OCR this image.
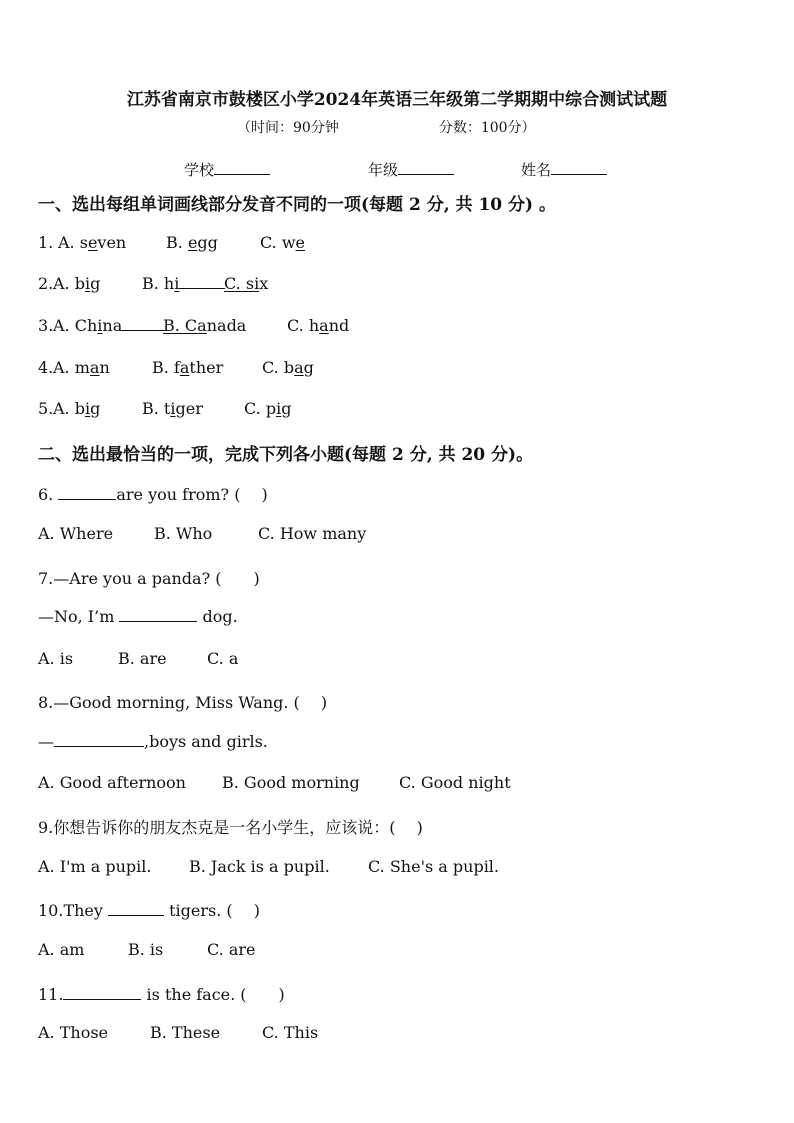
江苏省南京市鼓楼区小学2024年英语三年级第二学期期中综合测试试题
（时间：90分钟	分数：100分）
学校	年级	姓名
一、选出每组单词画线部分发音不同的一项(每题 2 分, 共 10 分) 。
1. A. seven B. egg	C. we
2. A. big	B. hi	C. six
3. A. China	B. Canada	C. hand
4. A. man	B. father C. bag
5. A. big	B. tiger	C. pig
二、选出最恰当的一项，完成下列各小题(每题 2 分, 共 20 分)。
6.	are you from? (　 )
A. Where	B. Who	C. How many
7.—Are you a panda? (　　)
—No, I’m	dog.
A. is	B. are	C. a
8.—Good morning, Miss Wang. (　 )
—	,boys and girls.
A. Good afternoon B. Good morning C. Good night
9.你想告诉你的朋友杰克是一名小学生，应该说：(　 )
A. I'm a pupil. B. Jack is a pupil. C. She's a pupil.
10.They	tigers. (　 )
A. am	B. is	C. are
11.	is the face. (　　)
A. Those	B. These	C. This
